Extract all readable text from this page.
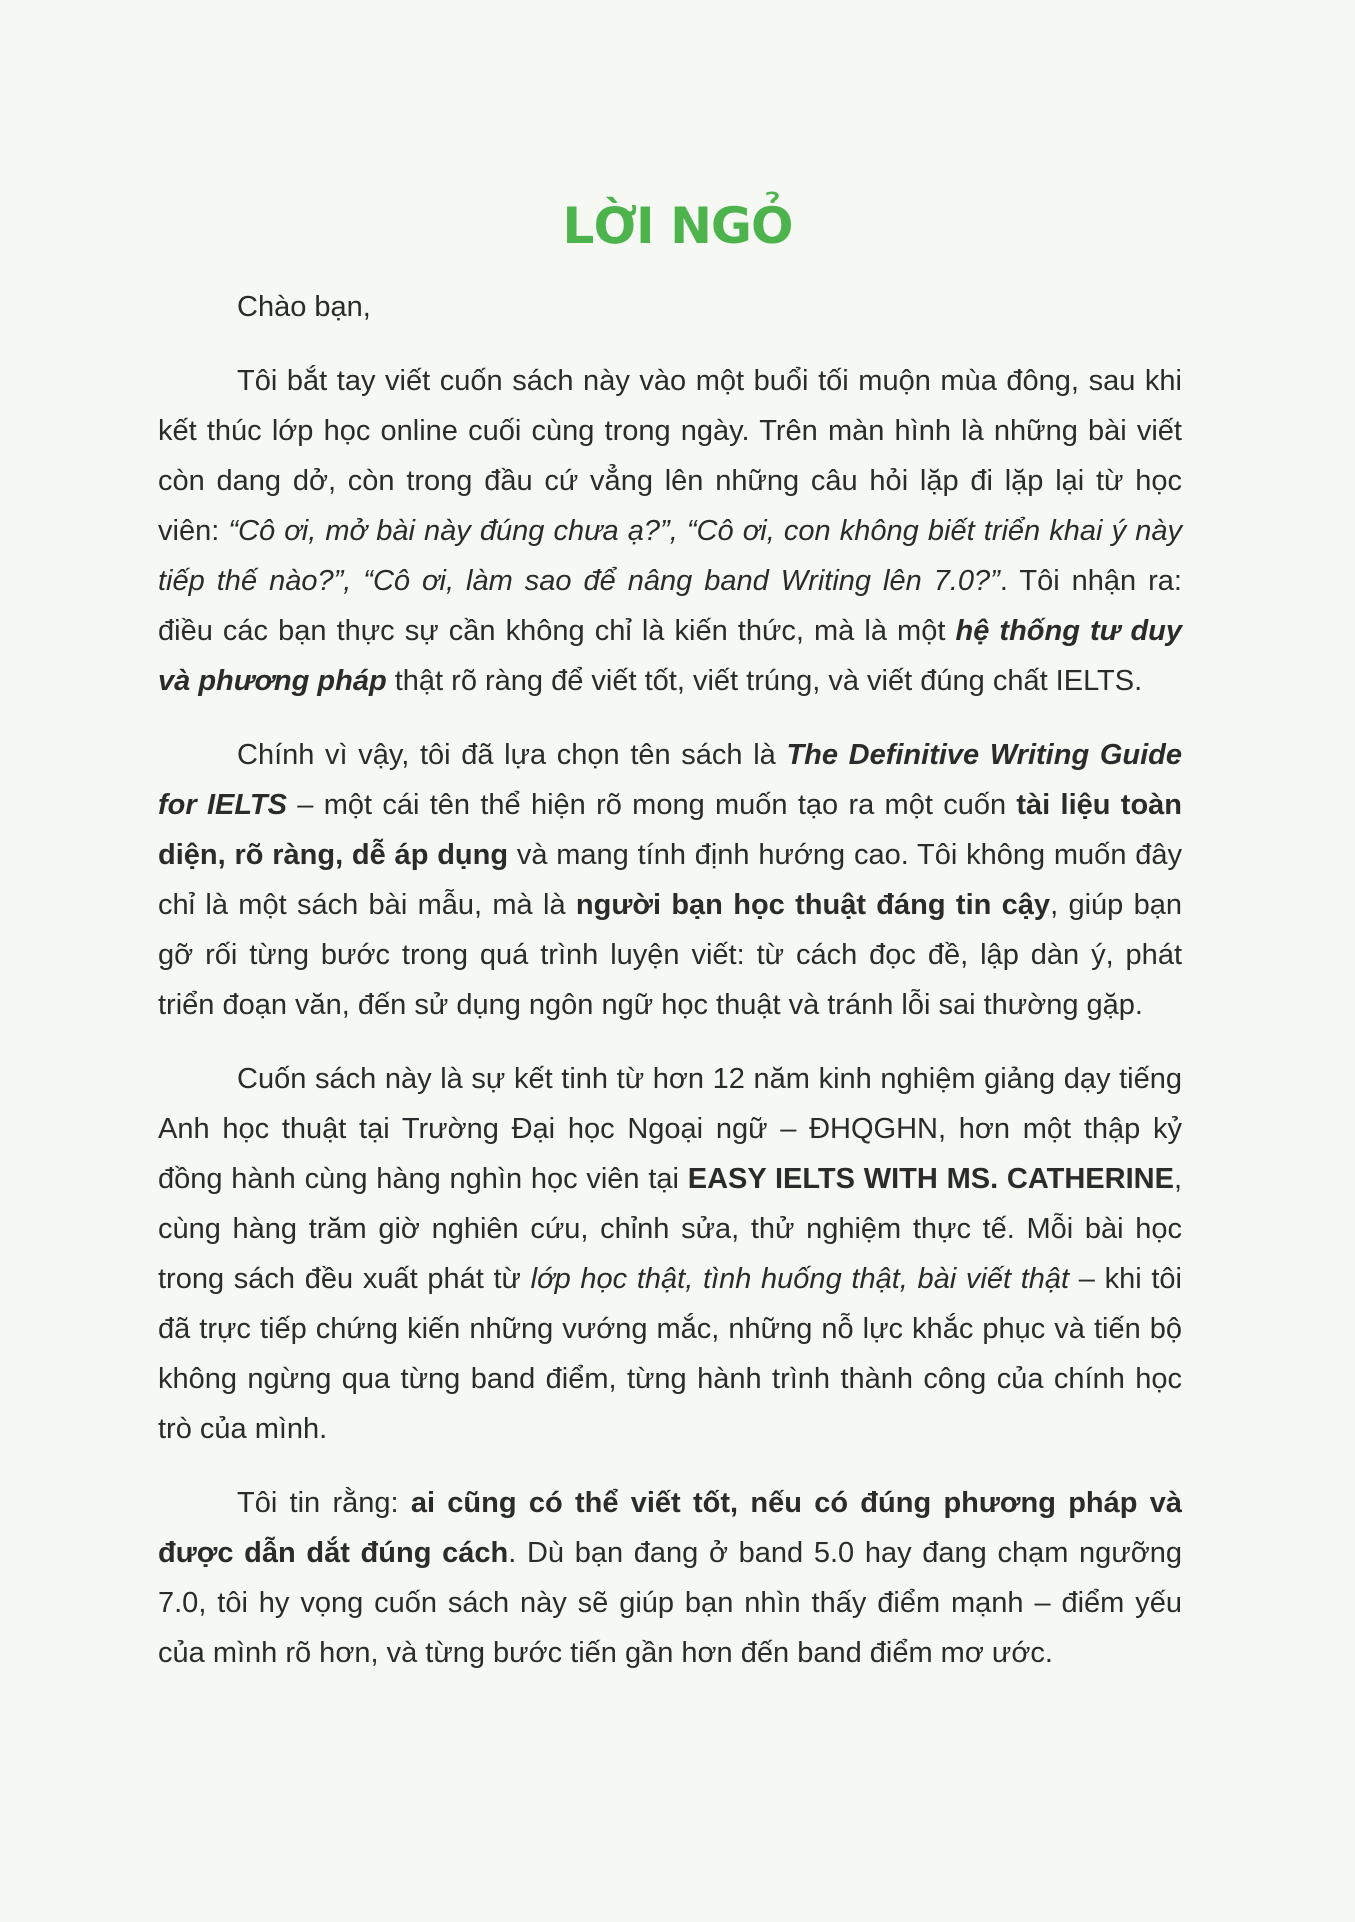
LỜI NGỎ

Chào bạn,

Tôi bắt tay viết cuốn sách này vào một buổi tối muộn mùa đông, sau khi kết thúc lớp học online cuối cùng trong ngày. Trên màn hình là những bài viết còn dang dở, còn trong đầu cứ vẳng lên những câu hỏi lặp đi lặp lại từ học viên: “Cô ơi, mở bài này đúng chưa ạ?”, “Cô ơi, con không biết triển khai ý này tiếp thế nào?”, “Cô ơi, làm sao để nâng band Writing lên 7.0?”. Tôi nhận ra: điều các bạn thực sự cần không chỉ là kiến thức, mà là một hệ thống tư duy và phương pháp thật rõ ràng để viết tốt, viết trúng, và viết đúng chất IELTS.

Chính vì vậy, tôi đã lựa chọn tên sách là The Definitive Writing Guide for IELTS – một cái tên thể hiện rõ mong muốn tạo ra một cuốn tài liệu toàn diện, rõ ràng, dễ áp dụng và mang tính định hướng cao. Tôi không muốn đây chỉ là một sách bài mẫu, mà là người bạn học thuật đáng tin cậy, giúp bạn gỡ rối từng bước trong quá trình luyện viết: từ cách đọc đề, lập dàn ý, phát triển đoạn văn, đến sử dụng ngôn ngữ học thuật và tránh lỗi sai thường gặp.

Cuốn sách này là sự kết tinh từ hơn 12 năm kinh nghiệm giảng dạy tiếng Anh học thuật tại Trường Đại học Ngoại ngữ – ĐHQGHN, hơn một thập kỷ đồng hành cùng hàng nghìn học viên tại EASY IELTS WITH MS. CATHERINE, cùng hàng trăm giờ nghiên cứu, chỉnh sửa, thử nghiệm thực tế. Mỗi bài học trong sách đều xuất phát từ lớp học thật, tình huống thật, bài viết thật – khi tôi đã trực tiếp chứng kiến những vướng mắc, những nỗ lực khắc phục và tiến bộ không ngừng qua từng band điểm, từng hành trình thành công của chính học trò của mình.

Tôi tin rằng: ai cũng có thể viết tốt, nếu có đúng phương pháp và được dẫn dắt đúng cách. Dù bạn đang ở band 5.0 hay đang chạm ngưỡng 7.0, tôi hy vọng cuốn sách này sẽ giúp bạn nhìn thấy điểm mạnh – điểm yếu của mình rõ hơn, và từng bước tiến gần hơn đến band điểm mơ ước.
